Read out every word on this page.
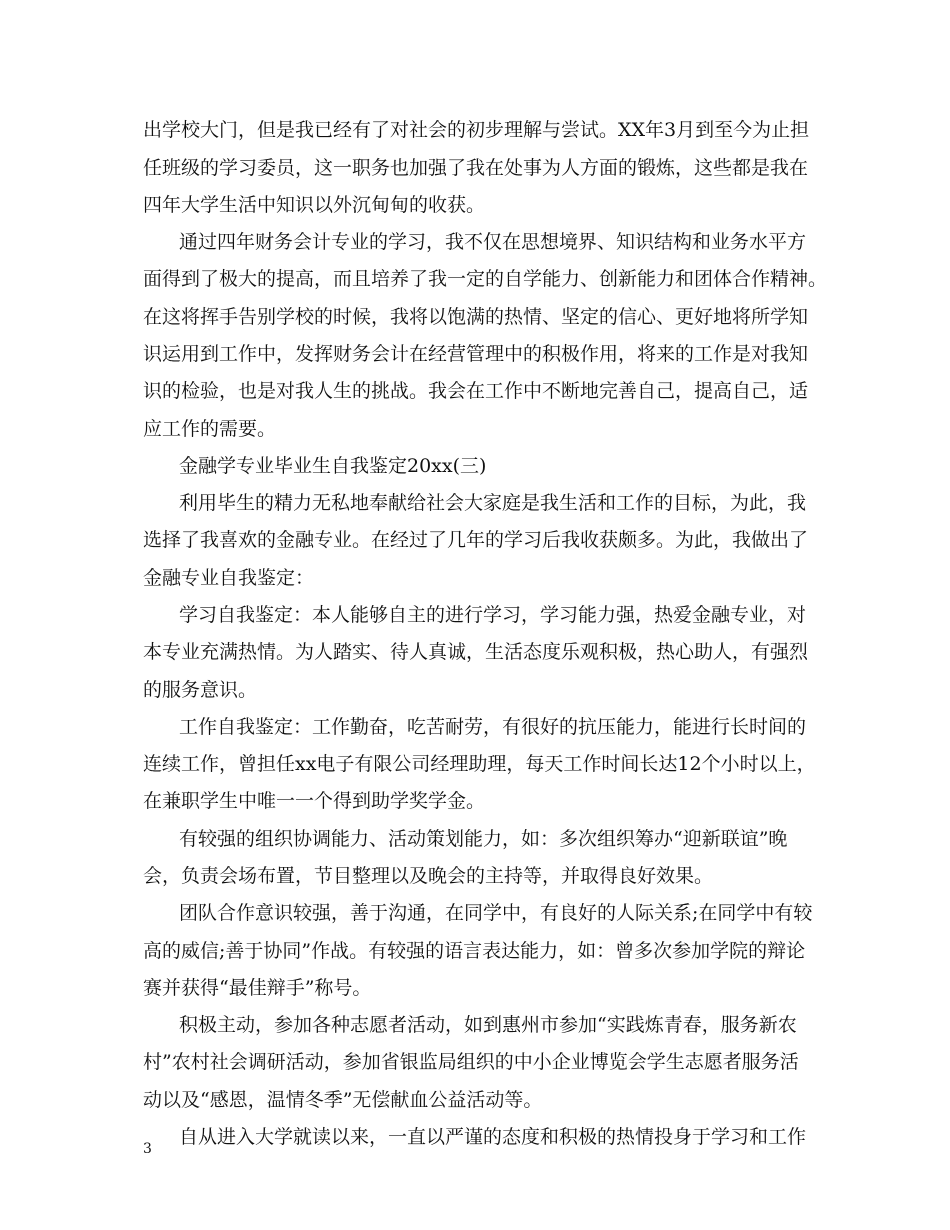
出学校大门，但是我已经有了对社会的初步理解与尝试。XX年3月到至今为止担
任班级的学习委员，这一职务也加强了我在处事为人方面的锻炼，这些都是我在
四年大学生活中知识以外沉甸甸的收获。
通过四年财务会计专业的学习，我不仅在思想境界、知识结构和业务水平方
面得到了极大的提高，而且培养了我一定的自学能力、创新能力和团体合作精神。
在这将挥手告别学校的时候，我将以饱满的热情、坚定的信心、更好地将所学知
识运用到工作中，发挥财务会计在经营管理中的积极作用，将来的工作是对我知
识的检验，也是对我人生的挑战。我会在工作中不断地完善自己，提高自己，适
应工作的需要。
金融学专业毕业生自我鉴定20xx(三)
利用毕生的精力无私地奉献给社会大家庭是我生活和工作的目标，为此，我
选择了我喜欢的金融专业。在经过了几年的学习后我收获颇多。为此，我做出了
金融专业自我鉴定：
学习自我鉴定：本人能够自主的进行学习，学习能力强，热爱金融专业，对
本专业充满热情。为人踏实、待人真诚，生活态度乐观积极，热心助人，有强烈
的服务意识。
工作自我鉴定：工作勤奋，吃苦耐劳，有很好的抗压能力，能进行长时间的
连续工作，曾担任xx电子有限公司经理助理，每天工作时间长达12个小时以上，
在兼职学生中唯一一个得到助学奖学金。
有较强的组织协调能力、活动策划能力，如：多次组织筹办“迎新联谊”晚
会，负责会场布置，节目整理以及晚会的主持等，并取得良好效果。
团队合作意识较强，善于沟通，在同学中，有良好的人际关系;在同学中有较
高的威信;善于协同”作战。有较强的语言表达能力，如：曾多次参加学院的辩论
赛并获得“最佳辩手”称号。
积极主动，参加各种志愿者活动，如到惠州市参加“实践炼青春，服务新农
村”农村社会调研活动，参加省银监局组织的中小企业博览会学生志愿者服务活
动以及“感恩，温情冬季”无偿献血公益活动等。
自从进入大学就读以来，一直以严谨的态度和积极的热情投身于学习和工作
3
